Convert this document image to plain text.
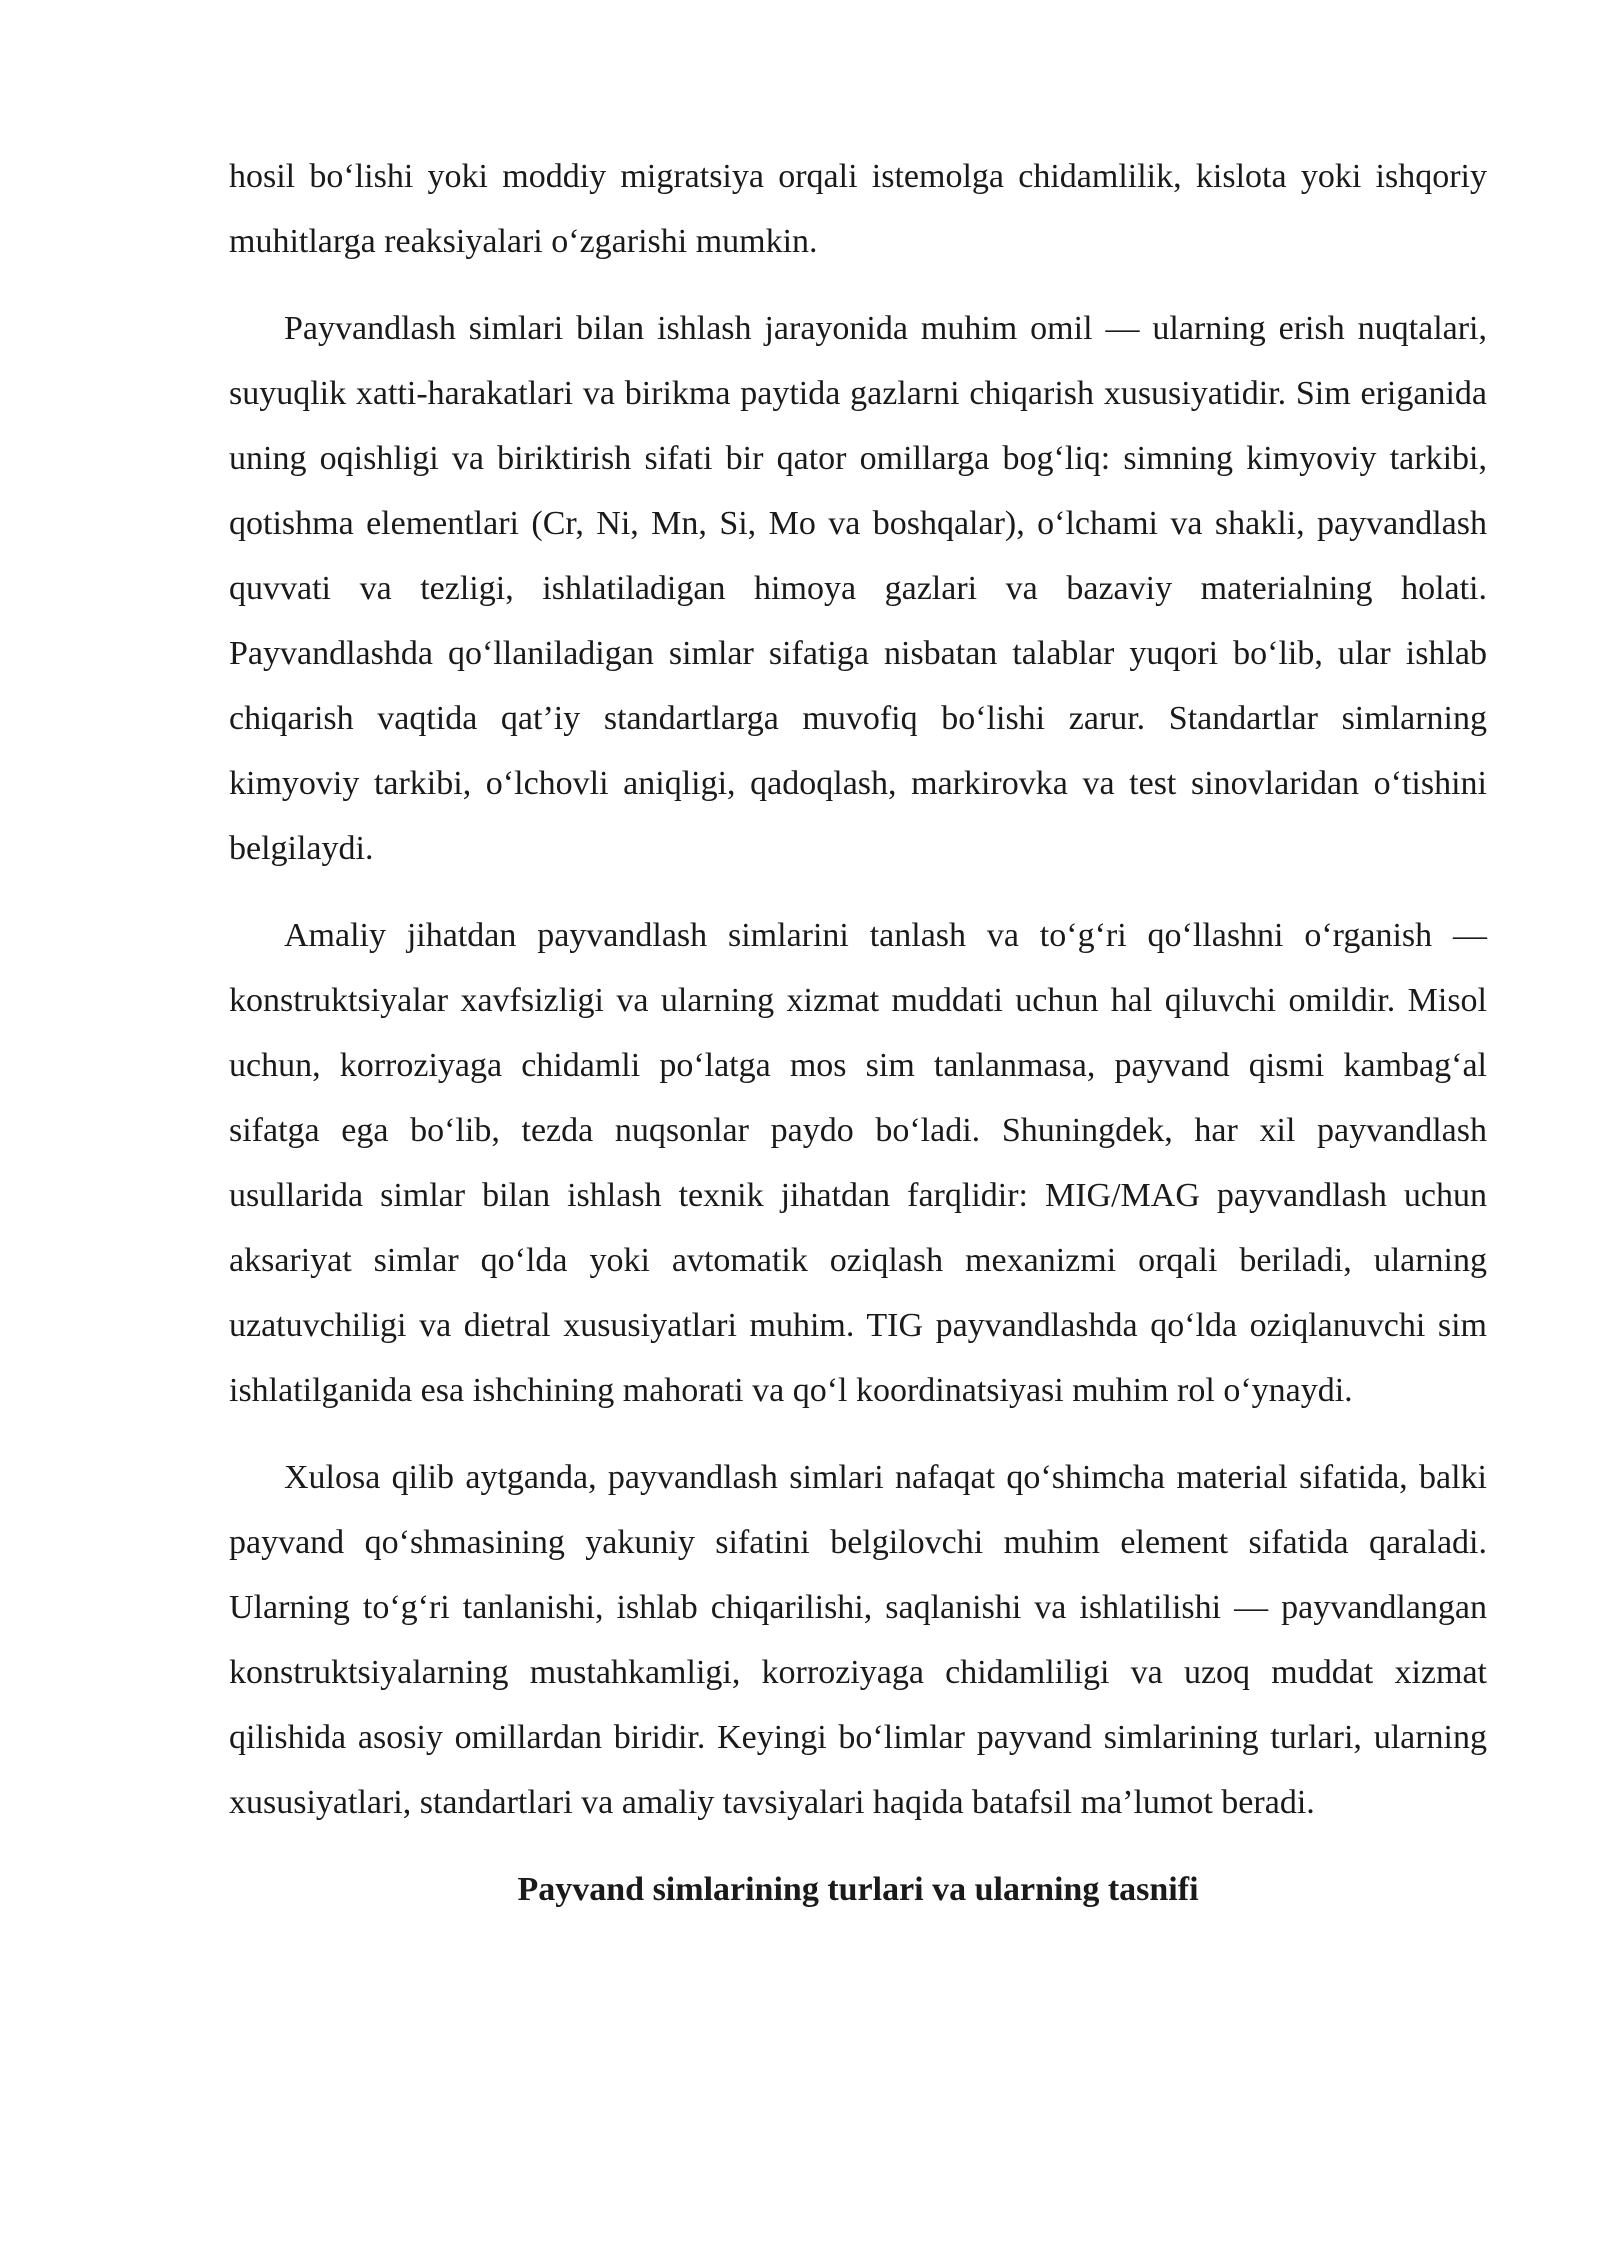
hosil bo‘lishi yoki moddiy migratsiya orqali istemolga chidamlilik, kislota yoki ishqoriy muhitlarga reaksiyalari o‘zgarishi mumkin.

Payvandlash simlari bilan ishlash jarayonida muhim omil — ularning erish nuqtalari, suyuqlik xatti-harakatlari va birikma paytida gazlarni chiqarish xususiyatidir. Sim eriganida uning oqishligi va biriktirish sifati bir qator omillarga bog‘liq: simning kimyoviy tarkibi, qotishma elementlari (Cr, Ni, Mn, Si, Mo va boshqalar), o‘lchami va shakli, payvandlash quvvati va tezligi, ishlatiladigan himoya gazlari va bazaviy materialning holati. Payvandlashda qo‘llaniladigan simlar sifatiga nisbatan talablar yuqori bo‘lib, ular ishlab chiqarish vaqtida qat’iy standartlarga muvofiq bo‘lishi zarur. Standartlar simlarning kimyoviy tarkibi, o‘lchovli aniqligi, qadoqlash, markirovka va test sinovlaridan o‘tishini belgilaydi.

Amaliy jihatdan payvandlash simlarini tanlash va to‘g‘ri qo‘llashni o‘rganish — konstruktsiyalar xavfsizligi va ularning xizmat muddati uchun hal qiluvchi omildir. Misol uchun, korroziyaga chidamli po‘latga mos sim tanlanmasa, payvand qismi kambag‘al sifatga ega bo‘lib, tezda nuqsonlar paydo bo‘ladi. Shuningdek, har xil payvandlash usullarida simlar bilan ishlash texnik jihatdan farqlidir: MIG/MAG payvandlash uchun aksariyat simlar qo‘lda yoki avtomatik oziqlash mexanizmi orqali beriladi, ularning uzatuvchiligi va dietral xususiyatlari muhim. TIG payvandlashda qo‘lda oziqlanuvchi sim ishlatilganida esa ishchining mahorati va qo‘l koordinatsiyasi muhim rol o‘ynaydi.

Xulosa qilib aytganda, payvandlash simlari nafaqat qo‘shimcha material sifatida, balki payvand qo‘shmasining yakuniy sifatini belgilovchi muhim element sifatida qaraladi. Ularning to‘g‘ri tanlanishi, ishlab chiqarilishi, saqlanishi va ishlatilishi — payvandlangan konstruktsiyalarning mustahkamligi, korroziyaga chidamliligi va uzoq muddat xizmat qilishida asosiy omillardan biridir. Keyingi bo‘limlar payvand simlarining turlari, ularning xususiyatlari, standartlari va amaliy tavsiyalari haqida batafsil ma’lumot beradi.

Payvand simlarining turlari va ularning tasnifi
